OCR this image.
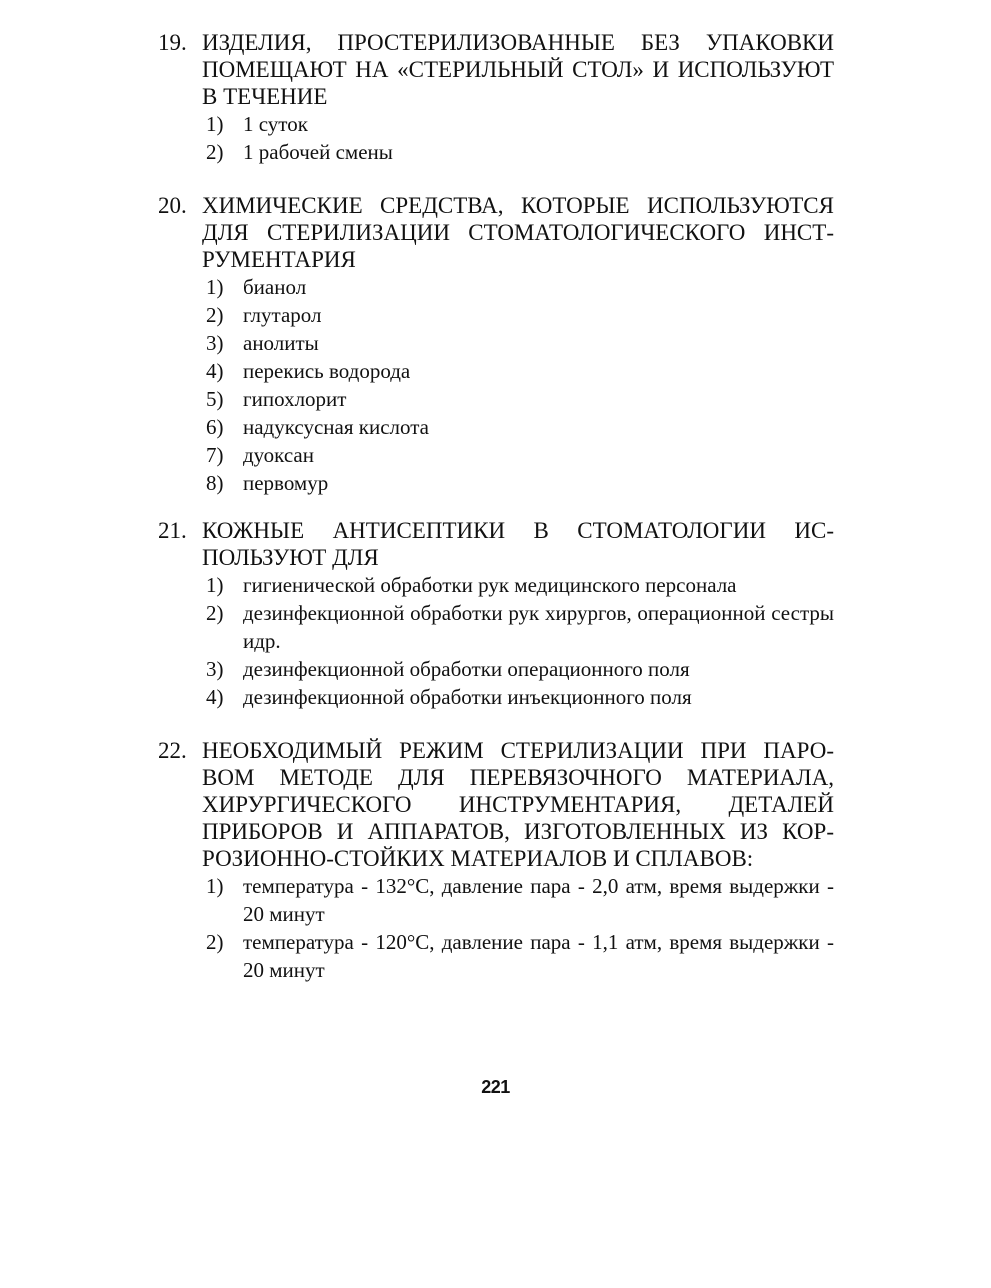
19. ИЗДЕЛИЯ, ПРОСТЕРИЛИЗОВАННЫЕ БЕЗ УПАКОВКИ ПОМЕЩАЮТ НА «СТЕРИЛЬНЫЙ СТОЛ» И ИСПОЛЬЗУЮТ В ТЕЧЕНИЕ
1) 1 суток
2) 1 рабочей смены
20. ХИМИЧЕСКИЕ СРЕДСТВА, КОТОРЫЕ ИСПОЛЬЗУЮТСЯ ДЛЯ СТЕРИЛИЗАЦИИ СТОМАТОЛОГИЧЕСКОГО ИНСТРУМЕНТАРИЯ
1) бианол
2) глутарол
3) анолиты
4) перекись водорода
5) гипохлорит
6) надуксусная кислота
7) дуоксан
8) первомур
21. КОЖНЫЕ АНТИСЕПТИКИ В СТОМАТОЛОГИИ ИСПОЛЬЗУЮТ ДЛЯ
1) гигиенической обработки рук медицинского персонала
2) дезинфекционной обработки рук хирургов, операционной сестры идр.
3) дезинфекционной обработки операционного поля
4) дезинфекционной обработки инъекционного поля
22. НЕОБХОДИМЫЙ РЕЖИМ СТЕРИЛИЗАЦИИ ПРИ ПАРОВОМ МЕТОДЕ ДЛЯ ПЕРЕВЯЗОЧНОГО МАТЕРИАЛА, ХИРУРГИЧЕСКОГО ИНСТРУМЕНТАРИЯ, ДЕТАЛЕЙ ПРИБОРОВ И АППАРАТОВ, ИЗГОТОВЛЕННЫХ ИЗ КОРРОЗИОННО-СТОЙКИХ МАТЕРИАЛОВ И СПЛАВОВ:
1) температура - 132°С, давление пара - 2,0 атм, время выдержки - 20 минут
2) температура - 120°С, давление пара - 1,1 атм, время выдержки - 20 минут
221
